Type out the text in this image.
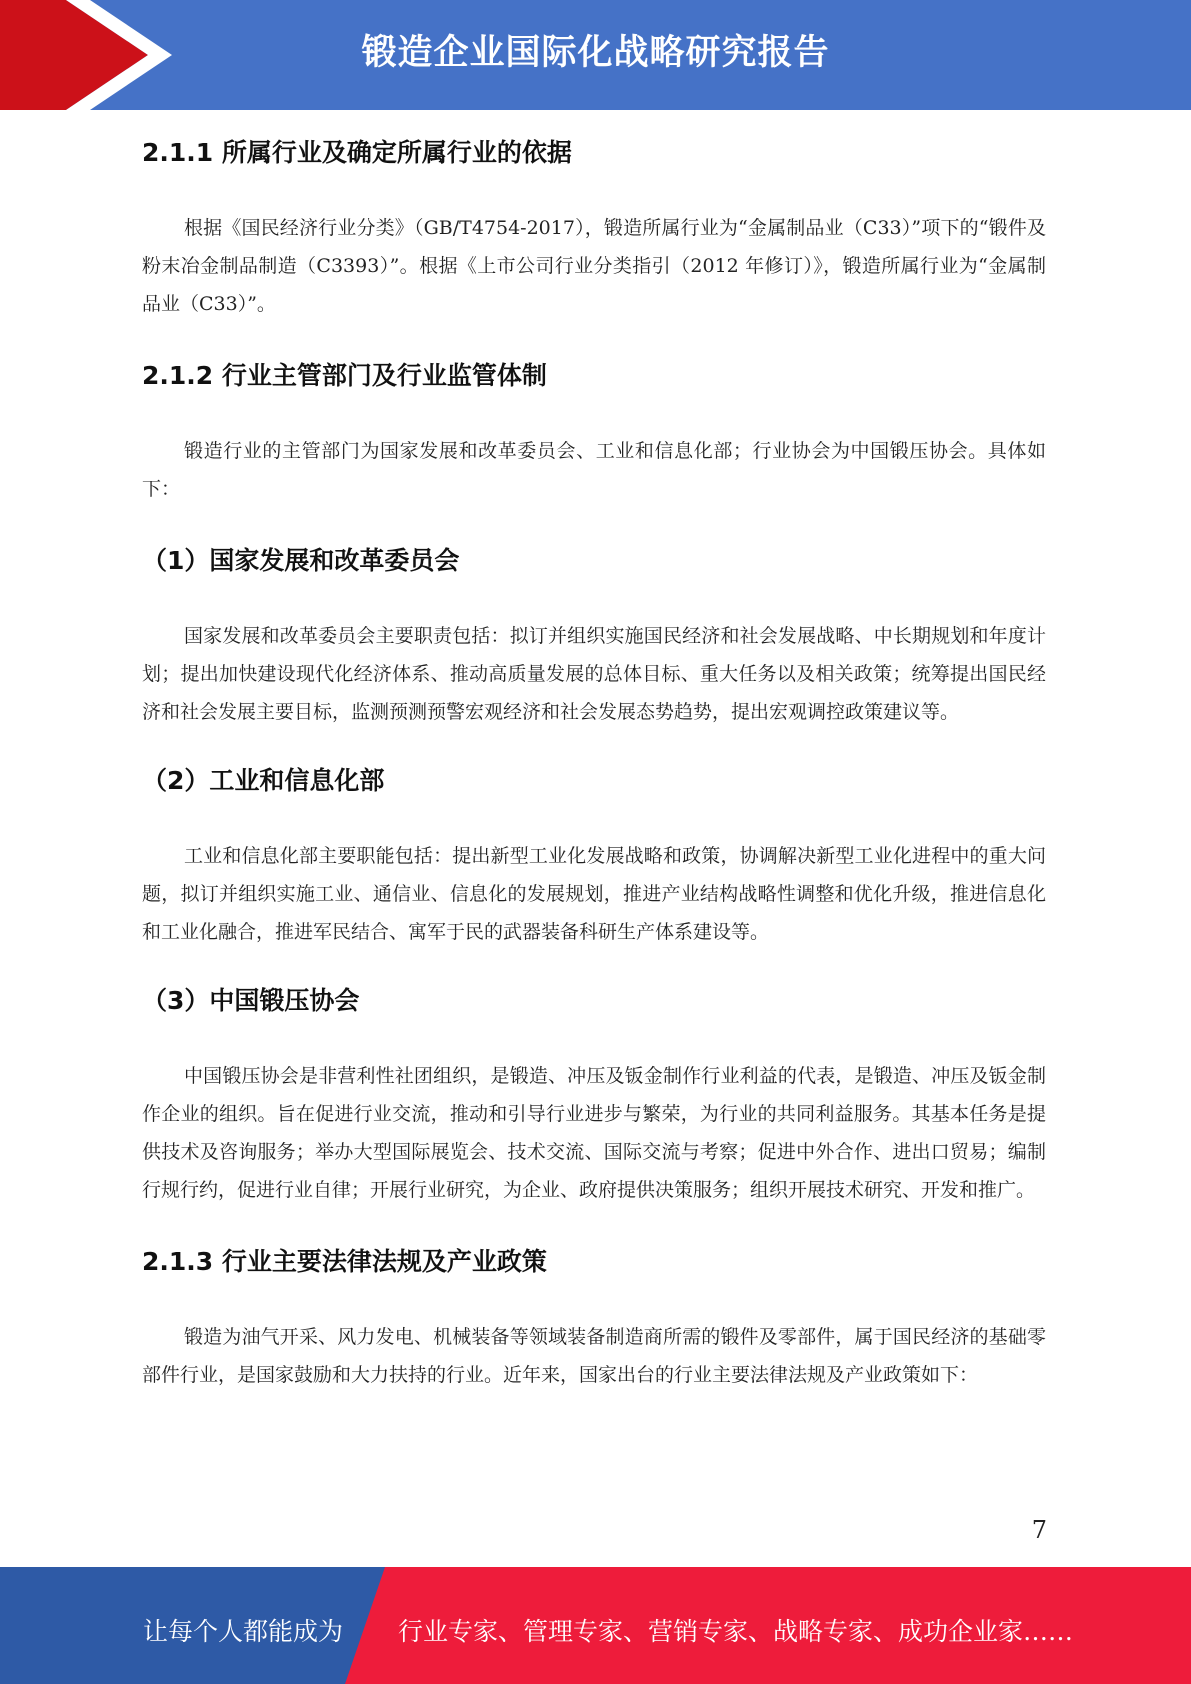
锻造企业国际化战略研究报告
2.1.1 所属行业及确定所属行业的依据

根据《国民经济行业分类》（GB/T4754-2017），锻造所属行业为“金属制品业（C33）”项下的“锻件及粉末冶金制品制造（C3393）”。根据《上市公司行业分类指引（2012 年修订）》，锻造所属行业为“金属制品业（C33）”。

2.1.2 行业主管部门及行业监管体制

锻造行业的主管部门为国家发展和改革委员会、工业和信息化部；行业协会为中国锻压协会。具体如下：

（1）国家发展和改革委员会

国家发展和改革委员会主要职责包括：拟订并组织实施国民经济和社会发展战略、中长期规划和年度计划；提出加快建设现代化经济体系、推动高质量发展的总体目标、重大任务以及相关政策；统筹提出国民经济和社会发展主要目标，监测预测预警宏观经济和社会发展态势趋势，提出宏观调控政策建议等。

（2）工业和信息化部

工业和信息化部主要职能包括：提出新型工业化发展战略和政策，协调解决新型工业化进程中的重大问题，拟订并组织实施工业、通信业、信息化的发展规划，推进产业结构战略性调整和优化升级，推进信息化和工业化融合，推进军民结合、寓军于民的武器装备科研生产体系建设等。

（3）中国锻压协会

中国锻压协会是非营利性社团组织，是锻造、冲压及钣金制作行业利益的代表，是锻造、冲压及钣金制作企业的组织。旨在促进行业交流，推动和引导行业进步与繁荣，为行业的共同利益服务。其基本任务是提供技术及咨询服务；举办大型国际展览会、技术交流、国际交流与考察；促进中外合作、进出口贸易；编制行规行约，促进行业自律；开展行业研究，为企业、政府提供决策服务；组织开展技术研究、开发和推广。

2.1.3 行业主要法律法规及产业政策

锻造为油气开采、风力发电、机械装备等领域装备制造商所需的锻件及零部件，属于国民经济的基础零部件行业，是国家鼓励和大力扶持的行业。近年来，国家出台的行业主要法律法规及产业政策如下：

7
让每个人都能成为 行业专家、管理专家、营销专家、战略专家、成功企业家……
